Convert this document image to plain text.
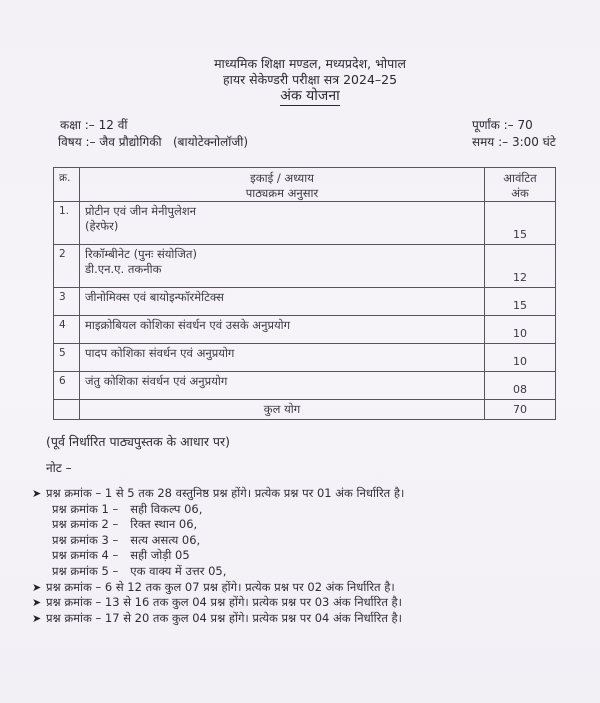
माध्यमिक शिक्षा मण्डल, मध्यप्रदेश, भोपाल
हायर सेकेण्डरी परीक्षा सत्र 2024–25
अंक योजना
कक्षा :– 12 वीं
विषय :– जैव प्रौद्योगिकी   (बायोटेक्नोलॉजी)
पूर्णांक :– 70
समय :– 3:00 घंटे
क्र.	इकाई / अध्याय
पाठ्यक्रम अनुसार

आवंटित
अंक

1.	प्रोटीन एवं जीन मेनीपुलेशन
(हेरफेर)	15
2	रिकॉम्बीनेट (पुनः संयोजित)
डी.एन.ए. तकनीक	12
3	जीनोमिक्स एवं बायोइन्फॉरमेटिक्स	15
4	माइक्रोबियल कोशिका संवर्धन एवं उसके अनुप्रयोग	10
5	पादप कोशिका संवर्धन एवं अनुप्रयोग	10
6	जंतु कोशिका संवर्धन एवं अनुप्रयोग	08
	कुल योग	70
(पूर्व निर्धारित पाठ्यपुस्तक के आधार पर)
नोट –
➤ प्रश्न क्रमांक – 1 से 5 तक 28 वस्तुनिष्ठ प्रश्न होंगे। प्रत्येक प्रश्न पर 01 अंक निर्धारित है।
प्रश्न क्रमांक 1 – सही विकल्प 06,
प्रश्न क्रमांक 2 – रिक्त स्थान 06,
प्रश्न क्रमांक 3 – सत्य असत्य 06,
प्रश्न क्रमांक 4 – सही जोड़ी 05
प्रश्न क्रमांक 5 – एक वाक्य में उत्तर 05,
➤ प्रश्न क्रमांक – 6 से 12 तक कुल 07 प्रश्न होंगे। प्रत्येक प्रश्न पर 02 अंक निर्धारित है।
➤ प्रश्न क्रमांक – 13 से 16 तक कुल 04 प्रश्न होंगे। प्रत्येक प्रश्न पर 03 अंक निर्धारित है।
➤ प्रश्न क्रमांक – 17 से 20 तक कुल 04 प्रश्न होंगे। प्रत्येक प्रश्न पर 04 अंक निर्धारित है।
